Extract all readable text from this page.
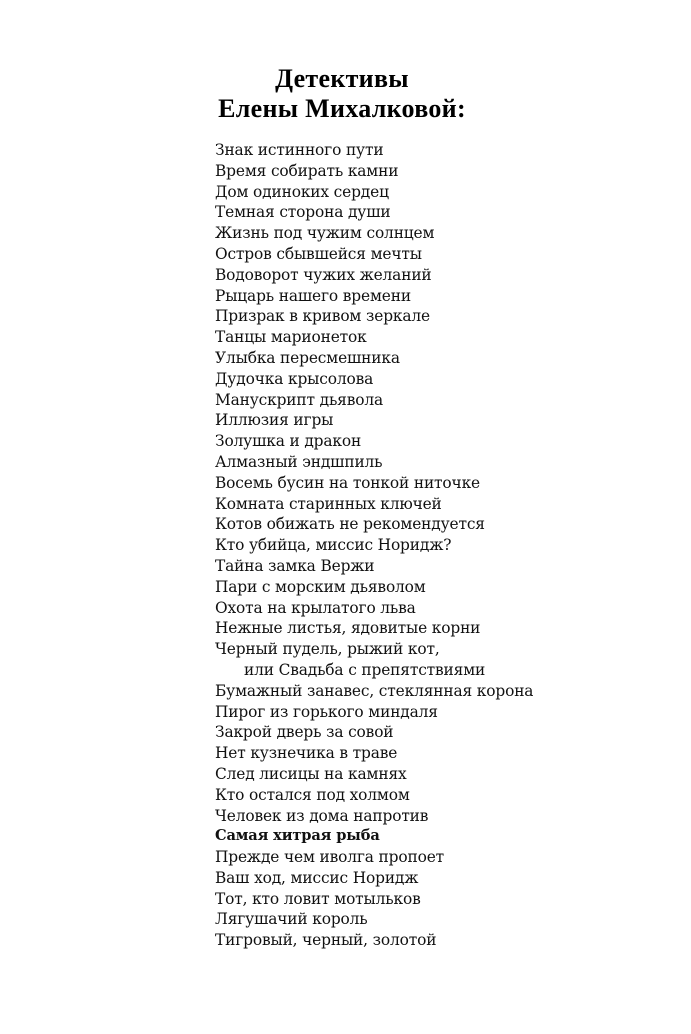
Детективы
Елены Михалковой:
Знак истинного пути
Время собирать камни
Дом одиноких сердец
Темная сторона души
Жизнь под чужим солнцем
Остров сбывшейся мечты
Водоворот чужих желаний
Рыцарь нашего времени
Призрак в кривом зеркале
Танцы марионеток
Улыбка пересмешника
Дудочка крысолова
Манускрипт дьявола
Иллюзия игры
Золушка и дракон
Алмазный эндшпиль
Восемь бусин на тонкой ниточке
Комната старинных ключей
Котов обижать не рекомендуется
Кто убийца, миссис Норидж?
Тайна замка Вержи
Пари с морским дьяволом
Охота на крылатого льва
Нежные листья, ядовитые корни
Черный пудель, рыжий кот,
или Свадьба с препятствиями
Бумажный занавес, стеклянная корона
Пирог из горького миндаля
Закрой дверь за совой
Нет кузнечика в траве
След лисицы на камнях
Кто остался под холмом
Человек из дома напротив
Самая хитрая рыба
Прежде чем иволга пропоет
Ваш ход, миссис Норидж
Тот, кто ловит мотыльков
Лягушачий король
Тигровый, черный, золотой
